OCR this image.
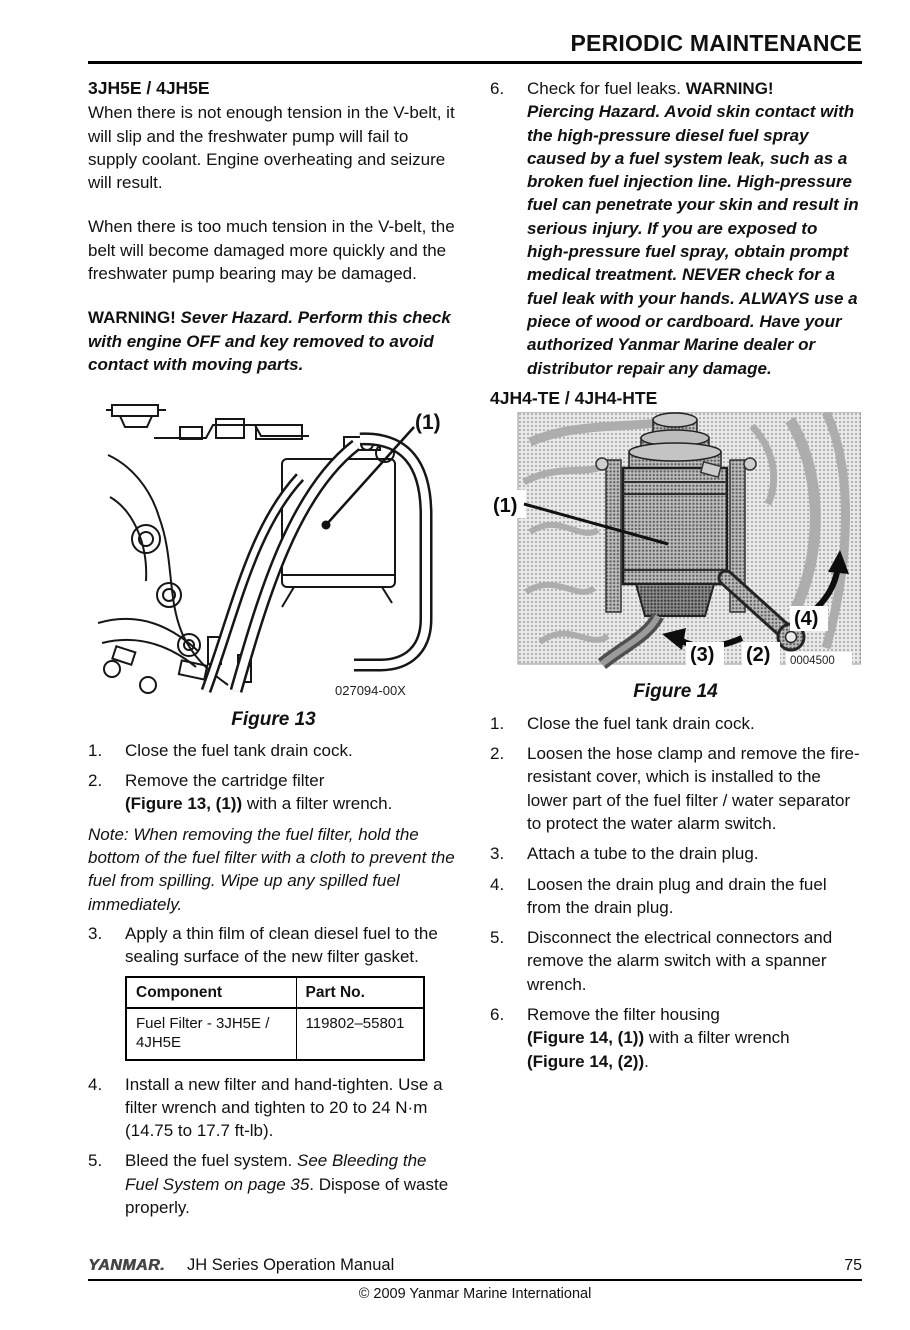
PERIODIC MAINTENANCE
3JH5E / 4JH5E

When there is not enough tension in the V-belt, it will slip and the freshwater pump will fail to supply coolant. Engine overheating and seizure will result.

When there is too much tension in the V-belt, the belt will become damaged more quickly and the freshwater pump bearing may be damaged.

WARNING! Sever Hazard. Perform this check with engine OFF and key removed to avoid contact with moving parts.

(1)
027094-00X
Figure 13
1.	Close the fuel tank drain cock.
2.	Remove the cartridge filter
(Figure 13, (1)) with a filter wrench.

Note: When removing the fuel filter, hold the bottom of the fuel filter with a cloth to prevent the fuel from spilling. Wipe up any spilled fuel immediately.

3.	Apply a thin film of clean diesel fuel to the sealing surface of the new filter gasket.
Component	Part No.
Fuel Filter - 3JH5E / 4JH5E	119802–55801
4.	Install a new filter and hand-tighten. Use a filter wrench and tighten to 20 to 24 N·m (14.75 to 17.7 ft-lb).
5.	Bleed the fuel system. See Bleeding the Fuel System on page 35. Dispose of waste properly.
6.	Check for fuel leaks. WARNING!
Piercing Hazard. Avoid skin contact with the high-pressure diesel fuel spray caused by a fuel system leak, such as a broken fuel injection line. High-pressure fuel can penetrate your skin and result in serious injury. If you are exposed to high-pressure fuel spray, obtain prompt medical treatment. NEVER check for a fuel leak with your hands. ALWAYS use a piece of wood or cardboard. Have your authorized Yanmar Marine dealer or distributor repair any damage.
4JH4-TE / 4JH4-HTE
(1)
(3) (2)
(4)
0004500
Figure 14
1.	Close the fuel tank drain cock.
2.	Loosen the hose clamp and remove the fire-resistant cover, which is installed to the lower part of the fuel filter / water separator to protect the water alarm switch.
3.	Attach a tube to the drain plug.
4.	Loosen the drain plug and drain the fuel from the drain plug.
5.	Disconnect the electrical connectors and remove the alarm switch with a spanner wrench.
6.	Remove the filter housing
(Figure 14, (1)) with a filter wrench
(Figure 14, (2)).
YANMAR. JH Series Operation Manual	75
© 2009 Yanmar Marine International
